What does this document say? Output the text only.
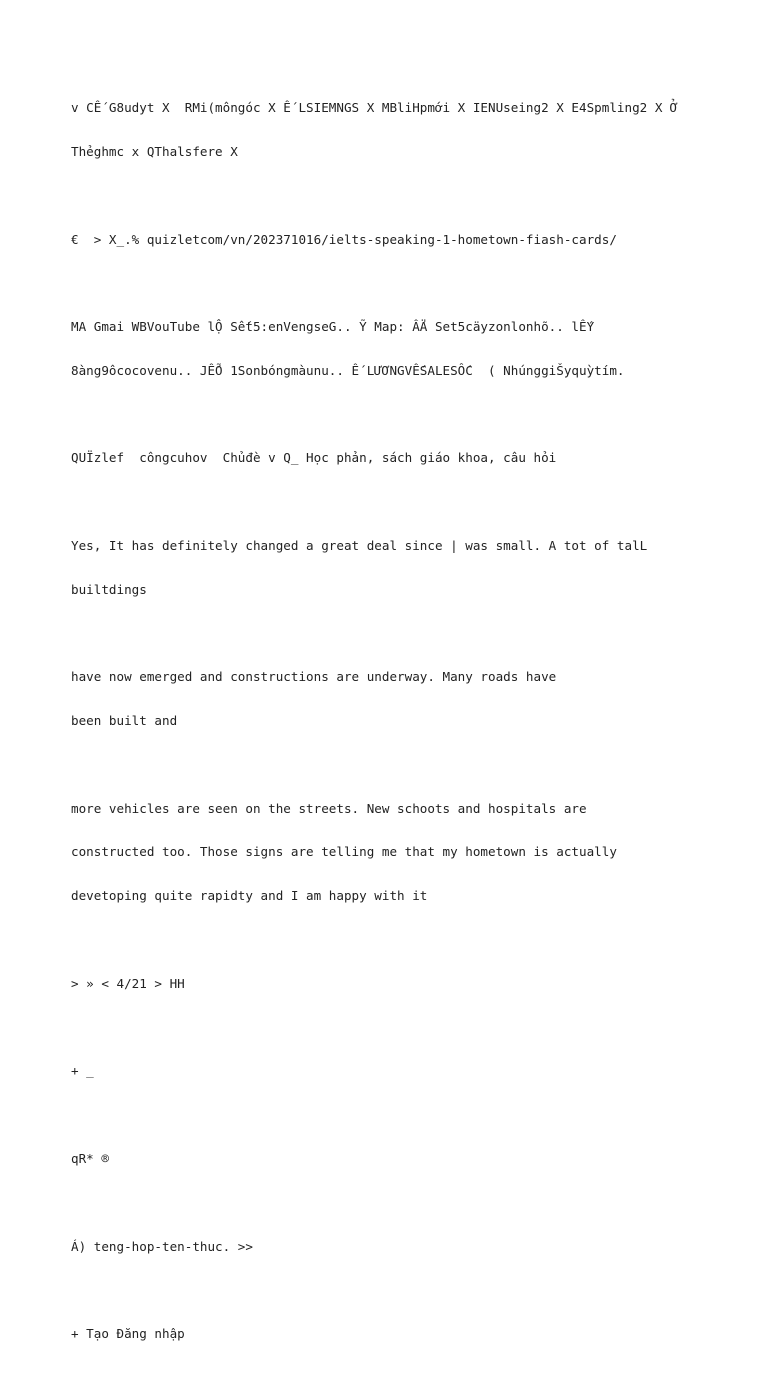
v CẾ G8udyt X  RMi(môngóc X Ế LSIEMNGS X MBliHpmới X IENUseing2 X E4Spmling2 X Ở

Thẻghmc x QThalsfere X

€  > X_.% quizletcom/vn/202371016/ielts-speaking-1-hometown-fiash-cards/

MA Gmai WBVouTube lỘ Sết5:enVengseG.. Ỹ Map: ẤÄ Set5cäyzonlonhõ.. lẾY

8àng9ôcocovenu.. JẾÕ 1Sonbóngmàunu.. Ế LƯƠNGVẾSALESỐC  ( NhúnggiŠyquỳtím.

QUÏzlef  côngcuhov  Chủđè v Q_ Học phản, sách giáo khoa, câu hỏi

Yes, It has definitely changed a great deal since | was small. A tot of talL

builtdings

have now emerged and constructions are underway. Many roads have

been built and

more vehicles are seen on the streets. New schoots and hospitals are

constructed too. Those signs are telling me that my hometown is actually

devetoping quite rapidty and I am happy with it

> » < 4/21 > HH

+ _

qR* ®

Á) teng-hop-ten-thuc. >>

+ Tạo Đăng nhập
